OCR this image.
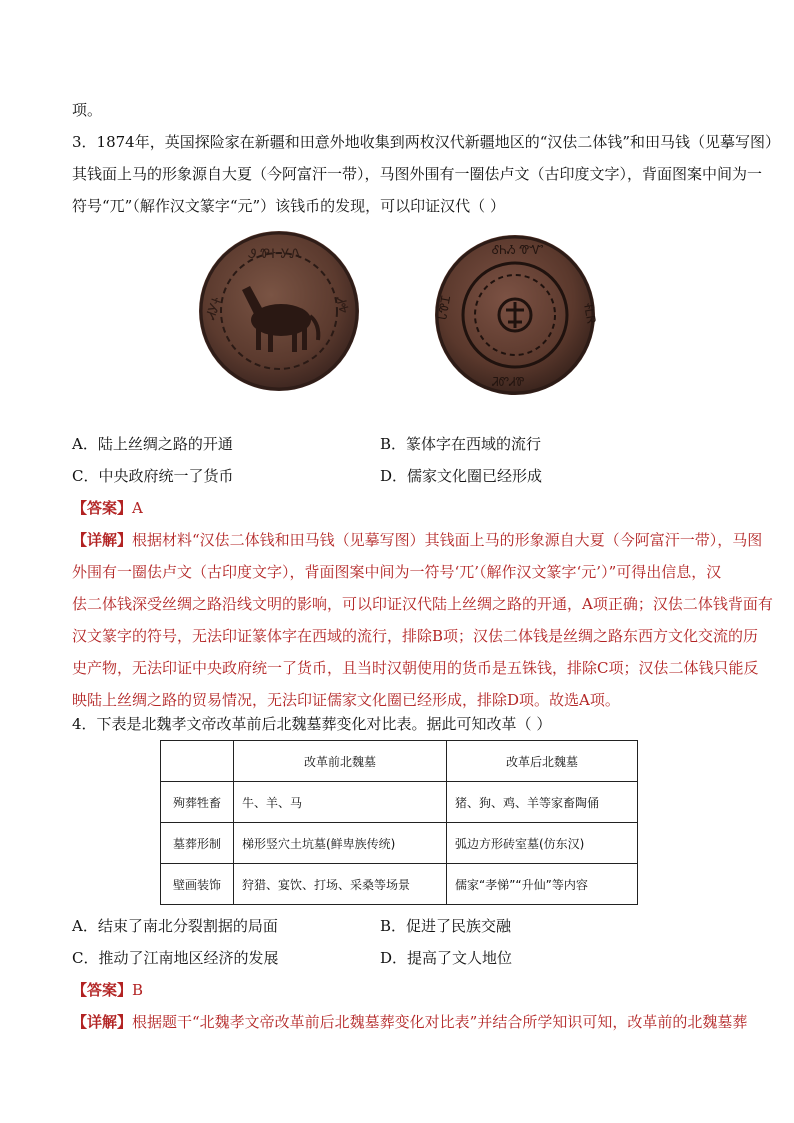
项。
3．1874年，英国探险家在新疆和田意外地收集到两枚汉代新疆地区的“汉佉二体钱”和田马钱（见摹写图）
其钱面上马的形象源自大夏（今阿富汗一带），马图外围有一圈佉卢文（古印度文字），背面图案中间为一
符号“兀”（解作汉文篆字“元”）该钱币的发现，可以印证汉代（ ）
Ꮽ ᏈᏐ ᎩᏁ
ᏗᎩᏐ	ᏗᎭ
ᎴᏂᏱ ᏡᏉ
ᏘᏛᏗᏈ
ᏓᏡᏆ	ᏐᏞᏒ
A．陆上丝绸之路的开通	B．篆体字在西域的流行
C．中央政府统一了货币	D．儒家文化圈已经形成
【答案】A
【详解】根据材料“汉佉二体钱和田马钱（见摹写图）其钱面上马的形象源自大夏（今阿富汗一带），马图
外围有一圈佉卢文（古印度文字），背面图案中间为一符号‘兀’（解作汉文篆字‘元’）”可得出信息，汉
佉二体钱深受丝绸之路沿线文明的影响，可以印证汉代陆上丝绸之路的开通，A项正确；汉佉二体钱背面有
汉文篆字的符号，无法印证篆体字在西域的流行，排除B项；汉佉二体钱是丝绸之路东西方文化交流的历
史产物，无法印证中央政府统一了货币，且当时汉朝使用的货币是五铢钱，排除C项；汉佉二体钱只能反
映陆上丝绸之路的贸易情况，无法印证儒家文化圈已经形成，排除D项。故选A项。
4．下表是北魏孝文帝改革前后北魏墓葬变化对比表。据此可知改革（ ）
	改革前北魏墓	改革后北魏墓
殉葬牲畜	牛、羊、马	猪、狗、鸡、羊等家畜陶俑
墓葬形制	梯形竖穴土坑墓(鲜卑族传统)	弧边方形砖室墓(仿东汉)
壁画装饰	狩猎、宴饮、打场、采桑等场景	儒家“孝悌”“升仙”等内容
A．结束了南北分裂割据的局面	B．促进了民族交融
C．推动了江南地区经济的发展	D．提高了文人地位
【答案】B
【详解】根据题干“北魏孝文帝改革前后北魏墓葬变化对比表”并结合所学知识可知，改革前的北魏墓葬
